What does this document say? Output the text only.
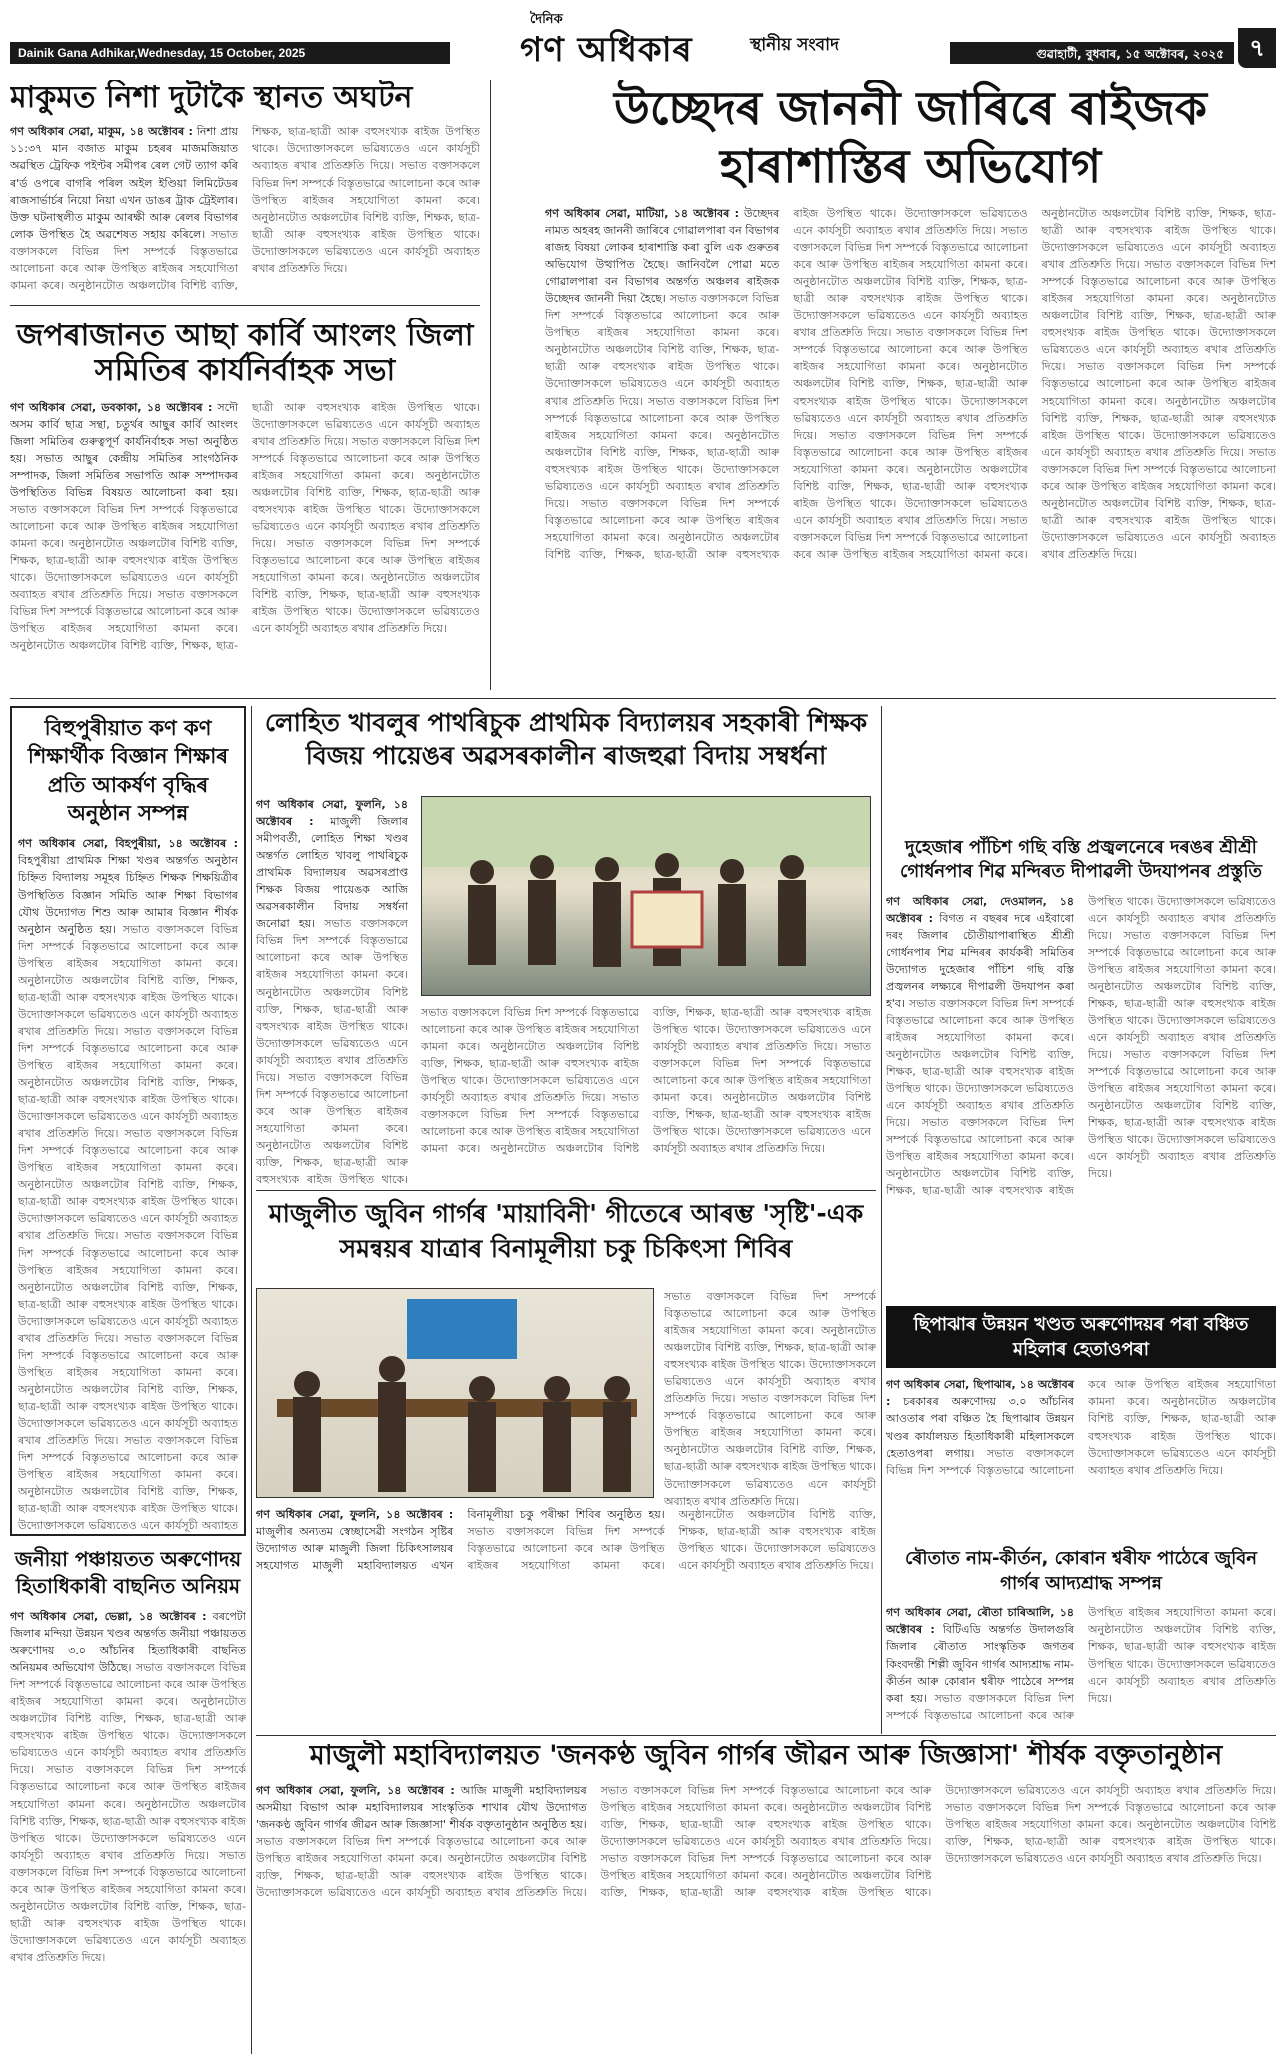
Dainik Gana Adhikar,Wednesday, 15 October, 2025
দৈনিক
গণ অধিকাৰ	স্থানীয় সংবাদ	গুৱাহাটী, বুধবাৰ, ১৫ অক্টোবৰ, ২০২৫	৭
মাকুমত নিশা দুটাকৈ স্থানত অঘটন
গণ অধিকাৰ সেৱা, মাকুম, ১৪ অক্টোবৰ : নিশা প্ৰায় ১১:৩৭ মান বজাত মাকুম চহৰৰ মাজমজিয়াত অৱস্থিত ট্ৰেফিক পইণ্টৰ সমীপৰ ৰেল গেট ত্যাগ কৰি ৰ'ৰ্ড ওপৰে বাগৰি পৰিল অইল ইণ্ডিয়া লিমিটেডৰ ৰাজসাৰ্ভাৰ্চৰ নিয়ো নিয়া এখন ডাঙৰ ট্ৰাক ট্ৰেইলাৰ। উক্ত ঘটনাস্থলীত মাকুম আৰক্ষী আৰু ৰেলৰ বিভাগৰ লোক উপস্থিত হৈ অৱশেষত সহায় কৰিলে। সভাত বক্তাসকলে বিভিন্ন দিশ সম্পৰ্কে বিস্তৃতভাৱে আলোচনা কৰে আৰু উপস্থিত ৰাইজৰ সহযোগিতা কামনা কৰে। অনুষ্ঠানটোত অঞ্চলটোৰ বিশিষ্ট ব্যক্তি, শিক্ষক, ছাত্ৰ-ছাত্ৰী আৰু বহুসংখ্যক ৰাইজ উপস্থিত থাকে। উদ্যোক্তাসকলে ভৱিষ্যতেও এনে কাৰ্যসূচী অব্যাহত ৰখাৰ প্ৰতিশ্ৰুতি দিয়ে। সভাত বক্তাসকলে বিভিন্ন দিশ সম্পৰ্কে বিস্তৃতভাৱে আলোচনা কৰে আৰু উপস্থিত ৰাইজৰ সহযোগিতা কামনা কৰে। অনুষ্ঠানটোত অঞ্চলটোৰ বিশিষ্ট ব্যক্তি, শিক্ষক, ছাত্ৰ-ছাত্ৰী আৰু বহুসংখ্যক ৰাইজ উপস্থিত থাকে। উদ্যোক্তাসকলে ভৱিষ্যতেও এনে কাৰ্যসূচী অব্যাহত ৰখাৰ প্ৰতিশ্ৰুতি দিয়ে।
উচ্ছেদৰ জাননী জাৰিৰে ৰাইজক হাৰাশাস্তিৰ অভিযোগ
গণ অধিকাৰ সেৱা, মাটিয়া, ১৪ অক্টোবৰ : উচ্ছেদৰ নামত অহৰহ জাননী জাৰিৰে গোৱালপাৰা বন বিভাগৰ ৰাজহ বিষয়া লোকৰ হাৰাশাস্তি কৰা বুলি এক গুৰুতৰ অভিযোগ উত্থাপিত হৈছে। জানিবলৈ পোৱা মতে গোৱালপাৰা বন বিভাগৰ অন্তৰ্গত অঞ্চলৰ ৰাইজক উচ্ছেদৰ জাননী দিয়া হৈছে। সভাত বক্তাসকলে বিভিন্ন দিশ সম্পৰ্কে বিস্তৃতভাৱে আলোচনা কৰে আৰু উপস্থিত ৰাইজৰ সহযোগিতা কামনা কৰে। অনুষ্ঠানটোত অঞ্চলটোৰ বিশিষ্ট ব্যক্তি, শিক্ষক, ছাত্ৰ-ছাত্ৰী আৰু বহুসংখ্যক ৰাইজ উপস্থিত থাকে। উদ্যোক্তাসকলে ভৱিষ্যতেও এনে কাৰ্যসূচী অব্যাহত ৰখাৰ প্ৰতিশ্ৰুতি দিয়ে। সভাত বক্তাসকলে বিভিন্ন দিশ সম্পৰ্কে বিস্তৃতভাৱে আলোচনা কৰে আৰু উপস্থিত ৰাইজৰ সহযোগিতা কামনা কৰে। অনুষ্ঠানটোত অঞ্চলটোৰ বিশিষ্ট ব্যক্তি, শিক্ষক, ছাত্ৰ-ছাত্ৰী আৰু বহুসংখ্যক ৰাইজ উপস্থিত থাকে। উদ্যোক্তাসকলে ভৱিষ্যতেও এনে কাৰ্যসূচী অব্যাহত ৰখাৰ প্ৰতিশ্ৰুতি দিয়ে। সভাত বক্তাসকলে বিভিন্ন দিশ সম্পৰ্কে বিস্তৃতভাৱে আলোচনা কৰে আৰু উপস্থিত ৰাইজৰ সহযোগিতা কামনা কৰে। অনুষ্ঠানটোত অঞ্চলটোৰ বিশিষ্ট ব্যক্তি, শিক্ষক, ছাত্ৰ-ছাত্ৰী আৰু বহুসংখ্যক ৰাইজ উপস্থিত থাকে। উদ্যোক্তাসকলে ভৱিষ্যতেও এনে কাৰ্যসূচী অব্যাহত ৰখাৰ প্ৰতিশ্ৰুতি দিয়ে। সভাত বক্তাসকলে বিভিন্ন দিশ সম্পৰ্কে বিস্তৃতভাৱে আলোচনা কৰে আৰু উপস্থিত ৰাইজৰ সহযোগিতা কামনা কৰে। অনুষ্ঠানটোত অঞ্চলটোৰ বিশিষ্ট ব্যক্তি, শিক্ষক, ছাত্ৰ-ছাত্ৰী আৰু বহুসংখ্যক ৰাইজ উপস্থিত থাকে। উদ্যোক্তাসকলে ভৱিষ্যতেও এনে কাৰ্যসূচী অব্যাহত ৰখাৰ প্ৰতিশ্ৰুতি দিয়ে। সভাত বক্তাসকলে বিভিন্ন দিশ সম্পৰ্কে বিস্তৃতভাৱে আলোচনা কৰে আৰু উপস্থিত ৰাইজৰ সহযোগিতা কামনা কৰে। অনুষ্ঠানটোত অঞ্চলটোৰ বিশিষ্ট ব্যক্তি, শিক্ষক, ছাত্ৰ-ছাত্ৰী আৰু বহুসংখ্যক ৰাইজ উপস্থিত থাকে। উদ্যোক্তাসকলে ভৱিষ্যতেও এনে কাৰ্যসূচী অব্যাহত ৰখাৰ প্ৰতিশ্ৰুতি দিয়ে। সভাত বক্তাসকলে বিভিন্ন দিশ সম্পৰ্কে বিস্তৃতভাৱে আলোচনা কৰে আৰু উপস্থিত ৰাইজৰ সহযোগিতা কামনা কৰে। অনুষ্ঠানটোত অঞ্চলটোৰ বিশিষ্ট ব্যক্তি, শিক্ষক, ছাত্ৰ-ছাত্ৰী আৰু বহুসংখ্যক ৰাইজ উপস্থিত থাকে। উদ্যোক্তাসকলে ভৱিষ্যতেও এনে কাৰ্যসূচী অব্যাহত ৰখাৰ প্ৰতিশ্ৰুতি দিয়ে। সভাত বক্তাসকলে বিভিন্ন দিশ সম্পৰ্কে বিস্তৃতভাৱে আলোচনা কৰে আৰু উপস্থিত ৰাইজৰ সহযোগিতা কামনা কৰে। অনুষ্ঠানটোত অঞ্চলটোৰ বিশিষ্ট ব্যক্তি, শিক্ষক, ছাত্ৰ-ছাত্ৰী আৰু বহুসংখ্যক ৰাইজ উপস্থিত থাকে। উদ্যোক্তাসকলে ভৱিষ্যতেও এনে কাৰ্যসূচী অব্যাহত ৰখাৰ প্ৰতিশ্ৰুতি দিয়ে। সভাত বক্তাসকলে বিভিন্ন দিশ সম্পৰ্কে বিস্তৃতভাৱে আলোচনা কৰে আৰু উপস্থিত ৰাইজৰ সহযোগিতা কামনা কৰে। অনুষ্ঠানটোত অঞ্চলটোৰ বিশিষ্ট ব্যক্তি, শিক্ষক, ছাত্ৰ-ছাত্ৰী আৰু বহুসংখ্যক ৰাইজ উপস্থিত থাকে। উদ্যোক্তাসকলে ভৱিষ্যতেও এনে কাৰ্যসূচী অব্যাহত ৰখাৰ প্ৰতিশ্ৰুতি দিয়ে। সভাত বক্তাসকলে বিভিন্ন দিশ সম্পৰ্কে বিস্তৃতভাৱে আলোচনা কৰে আৰু উপস্থিত ৰাইজৰ সহযোগিতা কামনা কৰে। অনুষ্ঠানটোত অঞ্চলটোৰ বিশিষ্ট ব্যক্তি, শিক্ষক, ছাত্ৰ-ছাত্ৰী আৰু বহুসংখ্যক ৰাইজ উপস্থিত থাকে। উদ্যোক্তাসকলে ভৱিষ্যতেও এনে কাৰ্যসূচী অব্যাহত ৰখাৰ প্ৰতিশ্ৰুতি দিয়ে। সভাত বক্তাসকলে বিভিন্ন দিশ সম্পৰ্কে বিস্তৃতভাৱে আলোচনা কৰে আৰু উপস্থিত ৰাইজৰ সহযোগিতা কামনা কৰে। অনুষ্ঠানটোত অঞ্চলটোৰ বিশিষ্ট ব্যক্তি, শিক্ষক, ছাত্ৰ-ছাত্ৰী আৰু বহুসংখ্যক ৰাইজ উপস্থিত থাকে। উদ্যোক্তাসকলে ভৱিষ্যতেও এনে কাৰ্যসূচী অব্যাহত ৰখাৰ প্ৰতিশ্ৰুতি দিয়ে।
জপৰাজানত আছা কাৰ্বি আংলং জিলা সমিতিৰ কাৰ্যনিৰ্বাহক সভা
গণ অধিকাৰ সেৱা, ডবকাকা, ১৪ অক্টোবৰ : সদৌ অসম কাৰ্বি ছাত্ৰ সন্থা, চতুৰ্থৰ আছুৰ কাৰ্বি আংলং জিলা সমিতিৰ গুৰুত্বপূৰ্ণ কাৰ্যনিৰ্বাহক সভা অনুষ্ঠিত হয়। সভাত আছুৰ কেন্দ্ৰীয় সমিতিৰ সাংগঠনিক সম্পাদক, জিলা সমিতিৰ সভাপতি আৰু সম্পাদকৰ উপস্থিতিত বিভিন্ন বিষয়ত আলোচনা কৰা হয়। সভাত বক্তাসকলে বিভিন্ন দিশ সম্পৰ্কে বিস্তৃতভাৱে আলোচনা কৰে আৰু উপস্থিত ৰাইজৰ সহযোগিতা কামনা কৰে। অনুষ্ঠানটোত অঞ্চলটোৰ বিশিষ্ট ব্যক্তি, শিক্ষক, ছাত্ৰ-ছাত্ৰী আৰু বহুসংখ্যক ৰাইজ উপস্থিত থাকে। উদ্যোক্তাসকলে ভৱিষ্যতেও এনে কাৰ্যসূচী অব্যাহত ৰখাৰ প্ৰতিশ্ৰুতি দিয়ে। সভাত বক্তাসকলে বিভিন্ন দিশ সম্পৰ্কে বিস্তৃতভাৱে আলোচনা কৰে আৰু উপস্থিত ৰাইজৰ সহযোগিতা কামনা কৰে। অনুষ্ঠানটোত অঞ্চলটোৰ বিশিষ্ট ব্যক্তি, শিক্ষক, ছাত্ৰ-ছাত্ৰী আৰু বহুসংখ্যক ৰাইজ উপস্থিত থাকে। উদ্যোক্তাসকলে ভৱিষ্যতেও এনে কাৰ্যসূচী অব্যাহত ৰখাৰ প্ৰতিশ্ৰুতি দিয়ে। সভাত বক্তাসকলে বিভিন্ন দিশ সম্পৰ্কে বিস্তৃতভাৱে আলোচনা কৰে আৰু উপস্থিত ৰাইজৰ সহযোগিতা কামনা কৰে। অনুষ্ঠানটোত অঞ্চলটোৰ বিশিষ্ট ব্যক্তি, শিক্ষক, ছাত্ৰ-ছাত্ৰী আৰু বহুসংখ্যক ৰাইজ উপস্থিত থাকে। উদ্যোক্তাসকলে ভৱিষ্যতেও এনে কাৰ্যসূচী অব্যাহত ৰখাৰ প্ৰতিশ্ৰুতি দিয়ে। সভাত বক্তাসকলে বিভিন্ন দিশ সম্পৰ্কে বিস্তৃতভাৱে আলোচনা কৰে আৰু উপস্থিত ৰাইজৰ সহযোগিতা কামনা কৰে। অনুষ্ঠানটোত অঞ্চলটোৰ বিশিষ্ট ব্যক্তি, শিক্ষক, ছাত্ৰ-ছাত্ৰী আৰু বহুসংখ্যক ৰাইজ উপস্থিত থাকে। উদ্যোক্তাসকলে ভৱিষ্যতেও এনে কাৰ্যসূচী অব্যাহত ৰখাৰ প্ৰতিশ্ৰুতি দিয়ে।
বিহুপুৰীয়াত কণ কণ শিক্ষাৰ্থীক বিজ্ঞান শিক্ষাৰ প্ৰতি আকৰ্ষণ বৃদ্ধিৰ অনুষ্ঠান সম্পন্ন
গণ অধিকাৰ সেৱা, বিহপুৰীয়া, ১৪ অক্টোবৰ : বিহপুৰীয়া প্ৰাথমিক শিক্ষা খণ্ডৰ অন্তৰ্গত অনুষ্ঠান চিহ্নিত বিদ্যালয় সমূহৰ চিহ্নিত শিক্ষক শিক্ষয়িত্ৰীৰ উপস্থিতিত বিজ্ঞান সমিতি আৰু শিক্ষা বিভাগৰ যৌথ উদ্যোগত শিশু আৰু আমাৰ বিজ্ঞান শীৰ্ষক অনুষ্ঠান অনুষ্ঠিত হয়। সভাত বক্তাসকলে বিভিন্ন দিশ সম্পৰ্কে বিস্তৃতভাৱে আলোচনা কৰে আৰু উপস্থিত ৰাইজৰ সহযোগিতা কামনা কৰে। অনুষ্ঠানটোত অঞ্চলটোৰ বিশিষ্ট ব্যক্তি, শিক্ষক, ছাত্ৰ-ছাত্ৰী আৰু বহুসংখ্যক ৰাইজ উপস্থিত থাকে। উদ্যোক্তাসকলে ভৱিষ্যতেও এনে কাৰ্যসূচী অব্যাহত ৰখাৰ প্ৰতিশ্ৰুতি দিয়ে। সভাত বক্তাসকলে বিভিন্ন দিশ সম্পৰ্কে বিস্তৃতভাৱে আলোচনা কৰে আৰু উপস্থিত ৰাইজৰ সহযোগিতা কামনা কৰে। অনুষ্ঠানটোত অঞ্চলটোৰ বিশিষ্ট ব্যক্তি, শিক্ষক, ছাত্ৰ-ছাত্ৰী আৰু বহুসংখ্যক ৰাইজ উপস্থিত থাকে। উদ্যোক্তাসকলে ভৱিষ্যতেও এনে কাৰ্যসূচী অব্যাহত ৰখাৰ প্ৰতিশ্ৰুতি দিয়ে। সভাত বক্তাসকলে বিভিন্ন দিশ সম্পৰ্কে বিস্তৃতভাৱে আলোচনা কৰে আৰু উপস্থিত ৰাইজৰ সহযোগিতা কামনা কৰে। অনুষ্ঠানটোত অঞ্চলটোৰ বিশিষ্ট ব্যক্তি, শিক্ষক, ছাত্ৰ-ছাত্ৰী আৰু বহুসংখ্যক ৰাইজ উপস্থিত থাকে। উদ্যোক্তাসকলে ভৱিষ্যতেও এনে কাৰ্যসূচী অব্যাহত ৰখাৰ প্ৰতিশ্ৰুতি দিয়ে। সভাত বক্তাসকলে বিভিন্ন দিশ সম্পৰ্কে বিস্তৃতভাৱে আলোচনা কৰে আৰু উপস্থিত ৰাইজৰ সহযোগিতা কামনা কৰে। অনুষ্ঠানটোত অঞ্চলটোৰ বিশিষ্ট ব্যক্তি, শিক্ষক, ছাত্ৰ-ছাত্ৰী আৰু বহুসংখ্যক ৰাইজ উপস্থিত থাকে। উদ্যোক্তাসকলে ভৱিষ্যতেও এনে কাৰ্যসূচী অব্যাহত ৰখাৰ প্ৰতিশ্ৰুতি দিয়ে। সভাত বক্তাসকলে বিভিন্ন দিশ সম্পৰ্কে বিস্তৃতভাৱে আলোচনা কৰে আৰু উপস্থিত ৰাইজৰ সহযোগিতা কামনা কৰে। অনুষ্ঠানটোত অঞ্চলটোৰ বিশিষ্ট ব্যক্তি, শিক্ষক, ছাত্ৰ-ছাত্ৰী আৰু বহুসংখ্যক ৰাইজ উপস্থিত থাকে। উদ্যোক্তাসকলে ভৱিষ্যতেও এনে কাৰ্যসূচী অব্যাহত ৰখাৰ প্ৰতিশ্ৰুতি দিয়ে। সভাত বক্তাসকলে বিভিন্ন দিশ সম্পৰ্কে বিস্তৃতভাৱে আলোচনা কৰে আৰু উপস্থিত ৰাইজৰ সহযোগিতা কামনা কৰে। অনুষ্ঠানটোত অঞ্চলটোৰ বিশিষ্ট ব্যক্তি, শিক্ষক, ছাত্ৰ-ছাত্ৰী আৰু বহুসংখ্যক ৰাইজ উপস্থিত থাকে। উদ্যোক্তাসকলে ভৱিষ্যতেও এনে কাৰ্যসূচী অব্যাহত
লোহিত খাবলুৰ পাথৰিচুক প্ৰাথমিক বিদ্যালয়ৰ সহকাৰী শিক্ষক বিজয় পায়েঙৰ অৱসৰকালীন ৰাজহুৱা বিদায় সম্বৰ্ধনা
গণ অধিকাৰ সেৱা, ফুলনি, ১৪ অক্টোবৰ : মাজুলী জিলাৰ সমীপবৰ্তী, লোহিত শিক্ষা খণ্ডৰ অন্তৰ্গত লোহিত খাবলু পাথৰিচুক প্ৰাথমিক বিদ্যালয়ৰ অৱসৰপ্ৰাপ্ত শিক্ষক বিজয় পায়েঙক আজি অৱসৰকালীন বিদায় সম্বৰ্ধনা জনোৱা হয়। সভাত বক্তাসকলে বিভিন্ন দিশ সম্পৰ্কে বিস্তৃতভাৱে আলোচনা কৰে আৰু উপস্থিত ৰাইজৰ সহযোগিতা কামনা কৰে। অনুষ্ঠানটোত অঞ্চলটোৰ বিশিষ্ট ব্যক্তি, শিক্ষক, ছাত্ৰ-ছাত্ৰী আৰু বহুসংখ্যক ৰাইজ উপস্থিত থাকে। উদ্যোক্তাসকলে ভৱিষ্যতেও এনে কাৰ্যসূচী অব্যাহত ৰখাৰ প্ৰতিশ্ৰুতি দিয়ে। সভাত বক্তাসকলে বিভিন্ন দিশ সম্পৰ্কে বিস্তৃতভাৱে আলোচনা কৰে আৰু উপস্থিত ৰাইজৰ সহযোগিতা কামনা কৰে। অনুষ্ঠানটোত অঞ্চলটোৰ বিশিষ্ট ব্যক্তি, শিক্ষক, ছাত্ৰ-ছাত্ৰী আৰু বহুসংখ্যক ৰাইজ উপস্থিত থাকে।
সভাত বক্তাসকলে বিভিন্ন দিশ সম্পৰ্কে বিস্তৃতভাৱে আলোচনা কৰে আৰু উপস্থিত ৰাইজৰ সহযোগিতা কামনা কৰে। অনুষ্ঠানটোত অঞ্চলটোৰ বিশিষ্ট ব্যক্তি, শিক্ষক, ছাত্ৰ-ছাত্ৰী আৰু বহুসংখ্যক ৰাইজ উপস্থিত থাকে। উদ্যোক্তাসকলে ভৱিষ্যতেও এনে কাৰ্যসূচী অব্যাহত ৰখাৰ প্ৰতিশ্ৰুতি দিয়ে। সভাত বক্তাসকলে বিভিন্ন দিশ সম্পৰ্কে বিস্তৃতভাৱে আলোচনা কৰে আৰু উপস্থিত ৰাইজৰ সহযোগিতা কামনা কৰে। অনুষ্ঠানটোত অঞ্চলটোৰ বিশিষ্ট ব্যক্তি, শিক্ষক, ছাত্ৰ-ছাত্ৰী আৰু বহুসংখ্যক ৰাইজ উপস্থিত থাকে। উদ্যোক্তাসকলে ভৱিষ্যতেও এনে কাৰ্যসূচী অব্যাহত ৰখাৰ প্ৰতিশ্ৰুতি দিয়ে। সভাত বক্তাসকলে বিভিন্ন দিশ সম্পৰ্কে বিস্তৃতভাৱে আলোচনা কৰে আৰু উপস্থিত ৰাইজৰ সহযোগিতা কামনা কৰে। অনুষ্ঠানটোত অঞ্চলটোৰ বিশিষ্ট ব্যক্তি, শিক্ষক, ছাত্ৰ-ছাত্ৰী আৰু বহুসংখ্যক ৰাইজ উপস্থিত থাকে। উদ্যোক্তাসকলে ভৱিষ্যতেও এনে কাৰ্যসূচী অব্যাহত ৰখাৰ প্ৰতিশ্ৰুতি দিয়ে।
দুহেজাৰ পাঁচিশ গছি বস্তি প্ৰজ্বলনেৰে দৰঙৰ শ্ৰীশ্ৰী গোৰ্ধনপাৰ শিৱ মন্দিৰত দীপাৱলী উদযাপনৰ প্ৰস্তুতি
গণ অধিকাৰ সেৱা, দেওমালন, ১৪ অক্টোবৰ : বিগত ন বছৰৰ দৰে এইবাৰো দৰং জিলাৰ চৌতীয়াপাৰাস্থিত শ্ৰীশ্ৰী গোৰ্ধনপাৰ শিৱ মন্দিৰৰ কাৰ্যকৰী সমিতিৰ উদ্যোগত দুহেজাৰ পাঁচিশ গছি বস্তি প্ৰজ্বলনৰ লক্ষ্যৰে দীপাৱলী উদযাপন কৰা হ'ব। সভাত বক্তাসকলে বিভিন্ন দিশ সম্পৰ্কে বিস্তৃতভাৱে আলোচনা কৰে আৰু উপস্থিত ৰাইজৰ সহযোগিতা কামনা কৰে। অনুষ্ঠানটোত অঞ্চলটোৰ বিশিষ্ট ব্যক্তি, শিক্ষক, ছাত্ৰ-ছাত্ৰী আৰু বহুসংখ্যক ৰাইজ উপস্থিত থাকে। উদ্যোক্তাসকলে ভৱিষ্যতেও এনে কাৰ্যসূচী অব্যাহত ৰখাৰ প্ৰতিশ্ৰুতি দিয়ে। সভাত বক্তাসকলে বিভিন্ন দিশ সম্পৰ্কে বিস্তৃতভাৱে আলোচনা কৰে আৰু উপস্থিত ৰাইজৰ সহযোগিতা কামনা কৰে। অনুষ্ঠানটোত অঞ্চলটোৰ বিশিষ্ট ব্যক্তি, শিক্ষক, ছাত্ৰ-ছাত্ৰী আৰু বহুসংখ্যক ৰাইজ উপস্থিত থাকে। উদ্যোক্তাসকলে ভৱিষ্যতেও এনে কাৰ্যসূচী অব্যাহত ৰখাৰ প্ৰতিশ্ৰুতি দিয়ে। সভাত বক্তাসকলে বিভিন্ন দিশ সম্পৰ্কে বিস্তৃতভাৱে আলোচনা কৰে আৰু উপস্থিত ৰাইজৰ সহযোগিতা কামনা কৰে। অনুষ্ঠানটোত অঞ্চলটোৰ বিশিষ্ট ব্যক্তি, শিক্ষক, ছাত্ৰ-ছাত্ৰী আৰু বহুসংখ্যক ৰাইজ উপস্থিত থাকে। উদ্যোক্তাসকলে ভৱিষ্যতেও এনে কাৰ্যসূচী অব্যাহত ৰখাৰ প্ৰতিশ্ৰুতি দিয়ে। সভাত বক্তাসকলে বিভিন্ন দিশ সম্পৰ্কে বিস্তৃতভাৱে আলোচনা কৰে আৰু উপস্থিত ৰাইজৰ সহযোগিতা কামনা কৰে। অনুষ্ঠানটোত অঞ্চলটোৰ বিশিষ্ট ব্যক্তি, শিক্ষক, ছাত্ৰ-ছাত্ৰী আৰু বহুসংখ্যক ৰাইজ উপস্থিত থাকে। উদ্যোক্তাসকলে ভৱিষ্যতেও এনে কাৰ্যসূচী অব্যাহত ৰখাৰ প্ৰতিশ্ৰুতি দিয়ে।
মাজুলীত জুবিন গাৰ্গৰ 'মায়াবিনী' গীতেৰে আৰম্ভ 'সৃষ্টি'-এক সমন্বয়ৰ যাত্ৰাৰ বিনামূলীয়া চকু চিকিৎসা শিবিৰ
সভাত বক্তাসকলে বিভিন্ন দিশ সম্পৰ্কে বিস্তৃতভাৱে আলোচনা কৰে আৰু উপস্থিত ৰাইজৰ সহযোগিতা কামনা কৰে। অনুষ্ঠানটোত অঞ্চলটোৰ বিশিষ্ট ব্যক্তি, শিক্ষক, ছাত্ৰ-ছাত্ৰী আৰু বহুসংখ্যক ৰাইজ উপস্থিত থাকে। উদ্যোক্তাসকলে ভৱিষ্যতেও এনে কাৰ্যসূচী অব্যাহত ৰখাৰ প্ৰতিশ্ৰুতি দিয়ে। সভাত বক্তাসকলে বিভিন্ন দিশ সম্পৰ্কে বিস্তৃতভাৱে আলোচনা কৰে আৰু উপস্থিত ৰাইজৰ সহযোগিতা কামনা কৰে। অনুষ্ঠানটোত অঞ্চলটোৰ বিশিষ্ট ব্যক্তি, শিক্ষক, ছাত্ৰ-ছাত্ৰী আৰু বহুসংখ্যক ৰাইজ উপস্থিত থাকে। উদ্যোক্তাসকলে ভৱিষ্যতেও এনে কাৰ্যসূচী অব্যাহত ৰখাৰ প্ৰতিশ্ৰুতি দিয়ে।
গণ অধিকাৰ সেৱা, ফুলনি, ১৪ অক্টোবৰ : মাজুলীৰ অন্যতম স্বেচ্ছাসেৱী সংগঠন সৃষ্টিৰ উদ্যোগত আৰু মাজুলী জিলা চিকিৎসালয়ৰ সহযোগত মাজুলী মহাবিদ্যালয়ত এখন বিনামূলীয়া চকু পৰীক্ষা শিবিৰ অনুষ্ঠিত হয়। সভাত বক্তাসকলে বিভিন্ন দিশ সম্পৰ্কে বিস্তৃতভাৱে আলোচনা কৰে আৰু উপস্থিত ৰাইজৰ সহযোগিতা কামনা কৰে। অনুষ্ঠানটোত অঞ্চলটোৰ বিশিষ্ট ব্যক্তি, শিক্ষক, ছাত্ৰ-ছাত্ৰী আৰু বহুসংখ্যক ৰাইজ উপস্থিত থাকে। উদ্যোক্তাসকলে ভৱিষ্যতেও এনে কাৰ্যসূচী অব্যাহত ৰখাৰ প্ৰতিশ্ৰুতি দিয়ে।
ছিপাঝাৰ উন্নয়ন খণ্ডত অৰুণোদয়ৰ পৰা বঞ্চিত মহিলাৰ হেতাওপৰা
গণ অধিকাৰ সেৱা, ছিপাঝাৰ, ১৪ অক্টোবৰ : চৰকাৰৰ অৰুণোদয় ৩.০ আঁচনিৰ আওতাৰ পৰা বঞ্চিত হৈ ছিপাঝাৰ উন্নয়ন খণ্ডৰ কাৰ্যালয়ত হিতাধিকাৰী মহিলাসকলে হেতাওপৰা লগায়। সভাত বক্তাসকলে বিভিন্ন দিশ সম্পৰ্কে বিস্তৃতভাৱে আলোচনা কৰে আৰু উপস্থিত ৰাইজৰ সহযোগিতা কামনা কৰে। অনুষ্ঠানটোত অঞ্চলটোৰ বিশিষ্ট ব্যক্তি, শিক্ষক, ছাত্ৰ-ছাত্ৰী আৰু বহুসংখ্যক ৰাইজ উপস্থিত থাকে। উদ্যোক্তাসকলে ভৱিষ্যতেও এনে কাৰ্যসূচী অব্যাহত ৰখাৰ প্ৰতিশ্ৰুতি দিয়ে।
জনীয়া পঞ্চায়তত অৰুণোদয় হিতাধিকাৰী বাছনিত অনিয়ম
গণ অধিকাৰ সেৱা, ভেল্লা, ১৪ অক্টোবৰ : বৰপেটা জিলাৰ মন্দিয়া উন্নয়ন খণ্ডৰ অন্তৰ্গত জনীয়া পঞ্চায়তত অৰুণোদয় ৩.০ আঁচনিৰ হিতাধিকাৰী বাছনিত অনিয়মৰ অভিযোগ উঠিছে। সভাত বক্তাসকলে বিভিন্ন দিশ সম্পৰ্কে বিস্তৃতভাৱে আলোচনা কৰে আৰু উপস্থিত ৰাইজৰ সহযোগিতা কামনা কৰে। অনুষ্ঠানটোত অঞ্চলটোৰ বিশিষ্ট ব্যক্তি, শিক্ষক, ছাত্ৰ-ছাত্ৰী আৰু বহুসংখ্যক ৰাইজ উপস্থিত থাকে। উদ্যোক্তাসকলে ভৱিষ্যতেও এনে কাৰ্যসূচী অব্যাহত ৰখাৰ প্ৰতিশ্ৰুতি দিয়ে। সভাত বক্তাসকলে বিভিন্ন দিশ সম্পৰ্কে বিস্তৃতভাৱে আলোচনা কৰে আৰু উপস্থিত ৰাইজৰ সহযোগিতা কামনা কৰে। অনুষ্ঠানটোত অঞ্চলটোৰ বিশিষ্ট ব্যক্তি, শিক্ষক, ছাত্ৰ-ছাত্ৰী আৰু বহুসংখ্যক ৰাইজ উপস্থিত থাকে। উদ্যোক্তাসকলে ভৱিষ্যতেও এনে কাৰ্যসূচী অব্যাহত ৰখাৰ প্ৰতিশ্ৰুতি দিয়ে। সভাত বক্তাসকলে বিভিন্ন দিশ সম্পৰ্কে বিস্তৃতভাৱে আলোচনা কৰে আৰু উপস্থিত ৰাইজৰ সহযোগিতা কামনা কৰে। অনুষ্ঠানটোত অঞ্চলটোৰ বিশিষ্ট ব্যক্তি, শিক্ষক, ছাত্ৰ-ছাত্ৰী আৰু বহুসংখ্যক ৰাইজ উপস্থিত থাকে। উদ্যোক্তাসকলে ভৱিষ্যতেও এনে কাৰ্যসূচী অব্যাহত ৰখাৰ প্ৰতিশ্ৰুতি দিয়ে।
ৰৌতাত নাম-কীৰ্তন, কোৰান শ্বৰীফ পাঠেৰে জুবিন গাৰ্গৰ আদ্যশ্ৰাদ্ধ সম্পন্ন
গণ অধিকাৰ সেৱা, ৰৌতা চাৰিআলি, ১৪ অক্টোবৰ : বিটিএডি অন্তৰ্গত উদালগুৰি জিলাৰ ৰৌতাত সাংস্কৃতিক জগতৰ কিংবদন্তী শিল্পী জুবিন গাৰ্গৰ আদ্যশ্ৰাদ্ধ নাম-কীৰ্তন আৰু কোৰান শ্বৰীফ পাঠেৰে সম্পন্ন কৰা হয়। সভাত বক্তাসকলে বিভিন্ন দিশ সম্পৰ্কে বিস্তৃতভাৱে আলোচনা কৰে আৰু উপস্থিত ৰাইজৰ সহযোগিতা কামনা কৰে। অনুষ্ঠানটোত অঞ্চলটোৰ বিশিষ্ট ব্যক্তি, শিক্ষক, ছাত্ৰ-ছাত্ৰী আৰু বহুসংখ্যক ৰাইজ উপস্থিত থাকে। উদ্যোক্তাসকলে ভৱিষ্যতেও এনে কাৰ্যসূচী অব্যাহত ৰখাৰ প্ৰতিশ্ৰুতি দিয়ে।
মাজুলী মহাবিদ্যালয়ত 'জনকণ্ঠ জুবিন গাৰ্গৰ জীৱন আৰু জিজ্ঞাসা' শীৰ্ষক বক্তৃতানুষ্ঠান
গণ অধিকাৰ সেৱা, ফুলনি, ১৪ অক্টোবৰ : আজি মাজুলী মহাবিদ্যালয়ৰ অসমীয়া বিভাগ আৰু মহাবিদ্যালয়ৰ সাংস্কৃতিক শাখাৰ যৌথ উদ্যোগত 'জনকণ্ঠ জুবিন গাৰ্গৰ জীৱন আৰু জিজ্ঞাসা' শীৰ্ষক বক্তৃতানুষ্ঠান অনুষ্ঠিত হয়। সভাত বক্তাসকলে বিভিন্ন দিশ সম্পৰ্কে বিস্তৃতভাৱে আলোচনা কৰে আৰু উপস্থিত ৰাইজৰ সহযোগিতা কামনা কৰে। অনুষ্ঠানটোত অঞ্চলটোৰ বিশিষ্ট ব্যক্তি, শিক্ষক, ছাত্ৰ-ছাত্ৰী আৰু বহুসংখ্যক ৰাইজ উপস্থিত থাকে। উদ্যোক্তাসকলে ভৱিষ্যতেও এনে কাৰ্যসূচী অব্যাহত ৰখাৰ প্ৰতিশ্ৰুতি দিয়ে। সভাত বক্তাসকলে বিভিন্ন দিশ সম্পৰ্কে বিস্তৃতভাৱে আলোচনা কৰে আৰু উপস্থিত ৰাইজৰ সহযোগিতা কামনা কৰে। অনুষ্ঠানটোত অঞ্চলটোৰ বিশিষ্ট ব্যক্তি, শিক্ষক, ছাত্ৰ-ছাত্ৰী আৰু বহুসংখ্যক ৰাইজ উপস্থিত থাকে। উদ্যোক্তাসকলে ভৱিষ্যতেও এনে কাৰ্যসূচী অব্যাহত ৰখাৰ প্ৰতিশ্ৰুতি দিয়ে। সভাত বক্তাসকলে বিভিন্ন দিশ সম্পৰ্কে বিস্তৃতভাৱে আলোচনা কৰে আৰু উপস্থিত ৰাইজৰ সহযোগিতা কামনা কৰে। অনুষ্ঠানটোত অঞ্চলটোৰ বিশিষ্ট ব্যক্তি, শিক্ষক, ছাত্ৰ-ছাত্ৰী আৰু বহুসংখ্যক ৰাইজ উপস্থিত থাকে। উদ্যোক্তাসকলে ভৱিষ্যতেও এনে কাৰ্যসূচী অব্যাহত ৰখাৰ প্ৰতিশ্ৰুতি দিয়ে। সভাত বক্তাসকলে বিভিন্ন দিশ সম্পৰ্কে বিস্তৃতভাৱে আলোচনা কৰে আৰু উপস্থিত ৰাইজৰ সহযোগিতা কামনা কৰে। অনুষ্ঠানটোত অঞ্চলটোৰ বিশিষ্ট ব্যক্তি, শিক্ষক, ছাত্ৰ-ছাত্ৰী আৰু বহুসংখ্যক ৰাইজ উপস্থিত থাকে। উদ্যোক্তাসকলে ভৱিষ্যতেও এনে কাৰ্যসূচী অব্যাহত ৰখাৰ প্ৰতিশ্ৰুতি দিয়ে।
